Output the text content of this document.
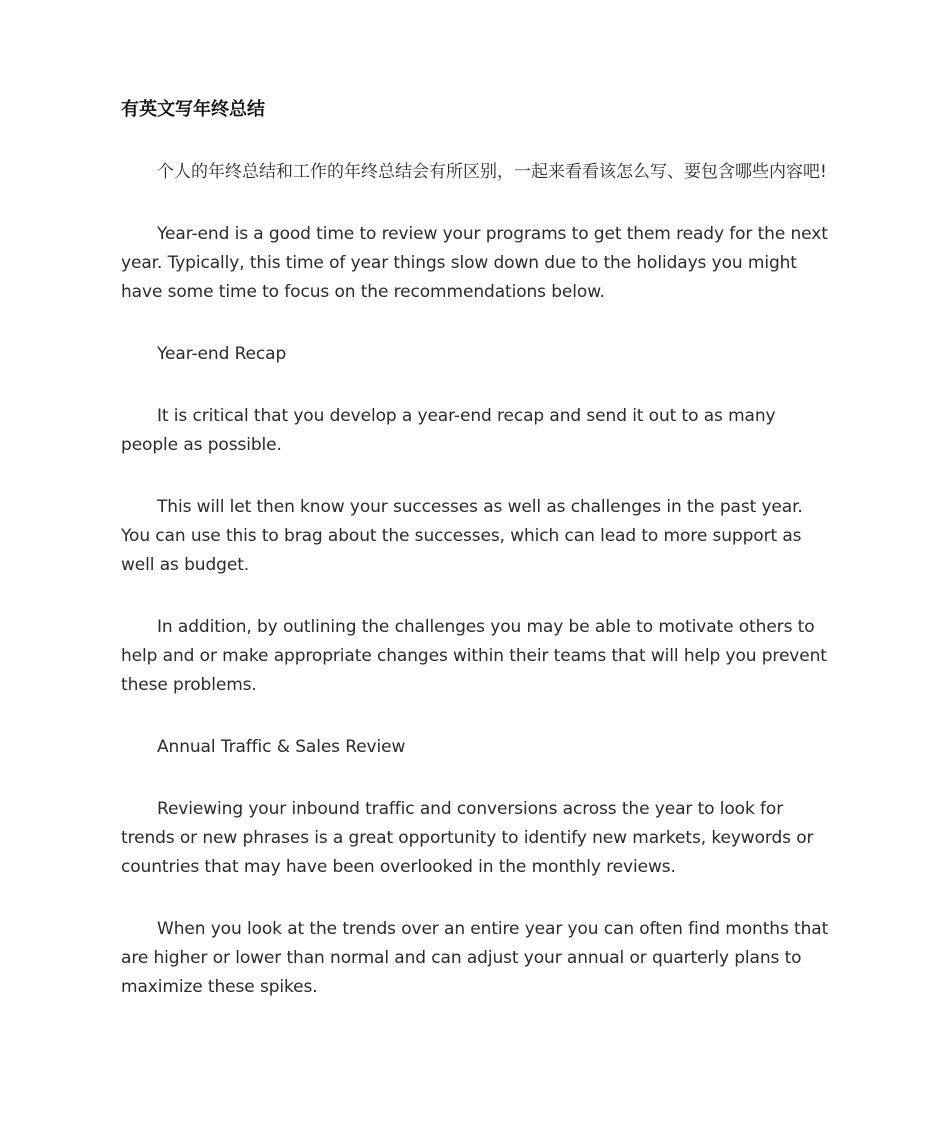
有英文写年终总结

个人的年终总结和工作的年终总结会有所区别，一起来看看该怎么写、要包含哪些内容吧!

Year-end is a good time to review your programs to get them ready for the next year. Typically, this time of year things slow down due to the holidays you might have some time to focus on the recommendations below.

Year-end Recap

It is critical that you develop a year-end recap and send it out to as many people as possible.

This will let then know your successes as well as challenges in the past year. You can use this to brag about the successes, which can lead to more support as well as budget.

In addition, by outlining the challenges you may be able to motivate others to help and or make appropriate changes within their teams that will help you prevent these problems.

Annual Traffic & Sales Review

Reviewing your inbound traffic and conversions across the year to look for trends or new phrases is a great opportunity to identify new markets, keywords or countries that may have been overlooked in the monthly reviews.

When you look at the trends over an entire year you can often find months that are higher or lower than normal and can adjust your annual or quarterly plans to maximize these spikes.
